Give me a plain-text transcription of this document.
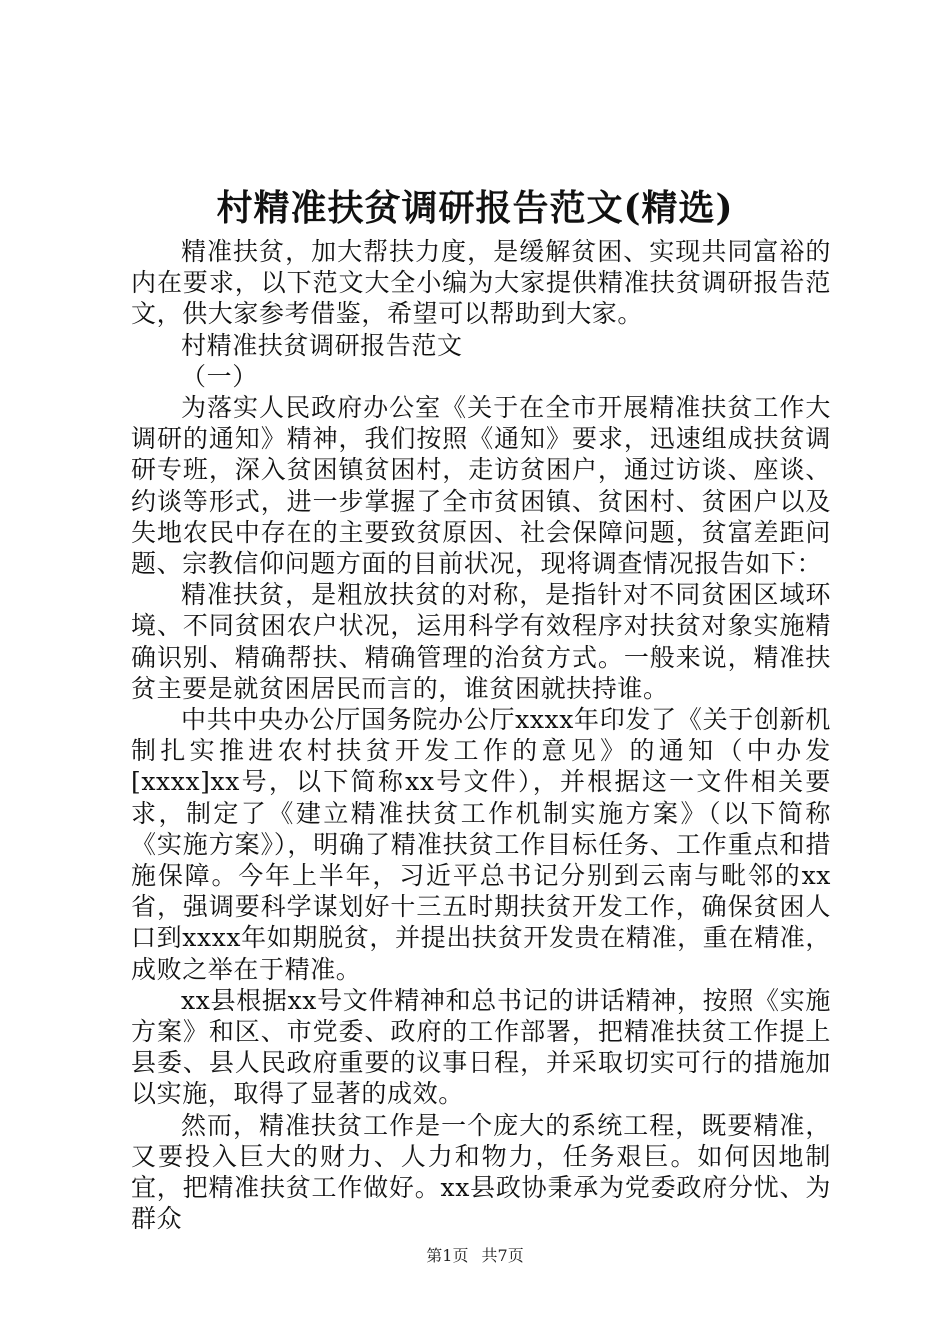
村精准扶贫调研报告范文(精选)

精准扶贫，加大帮扶力度，是缓解贫困、实现共同富裕的内在要求，以下范文大全小编为大家提供精准扶贫调研报告范文，供大家参考借鉴，希望可以帮助到大家。

村精准扶贫调研报告范文

（一）

为落实人民政府办公室《关于在全市开展精准扶贫工作大调研的通知》精神，我们按照《通知》要求，迅速组成扶贫调研专班，深入贫困镇贫困村，走访贫困户，通过访谈、座谈、约谈等形式，进一步掌握了全市贫困镇、贫困村、贫困户以及失地农民中存在的主要致贫原因、社会保障问题，贫富差距问题、宗教信仰问题方面的目前状况，现将调查情况报告如下：

精准扶贫，是粗放扶贫的对称，是指针对不同贫困区域环境、不同贫困农户状况，运用科学有效程序对扶贫对象实施精确识别、精确帮扶、精确管理的治贫方式。一般来说，精准扶贫主要是就贫困居民而言的，谁贫困就扶持谁。

中共中央办公厅国务院办公厅xxxx年印发了《关于创新机制扎实推进农村扶贫开发工作的意见》的通知（中办发[xxxx]xx号，以下简称xx号文件），并根据这一文件相关要求，制定了《建立精准扶贫工作机制实施方案》（以下简称《实施方案》），明确了精准扶贫工作目标任务、工作重点和措施保障。今年上半年，习近平总书记分别到云南与毗邻的xx省，强调要科学谋划好十三五时期扶贫开发工作，确保贫困人口到xxxx年如期脱贫，并提出扶贫开发贵在精准，重在精准，成败之举在于精准。

xx县根据xx号文件精神和总书记的讲话精神，按照《实施方案》和区、市党委、政府的工作部署，把精准扶贫工作提上县委、县人民政府重要的议事日程，并采取切实可行的措施加以实施，取得了显著的成效。

然而，精准扶贫工作是一个庞大的系统工程，既要精准，又要投入巨大的财力、人力和物力，任务艰巨。如何因地制宜，把精准扶贫工作做好。xx县政协秉承为党委政府分忧、为群众

第1页 共7页
